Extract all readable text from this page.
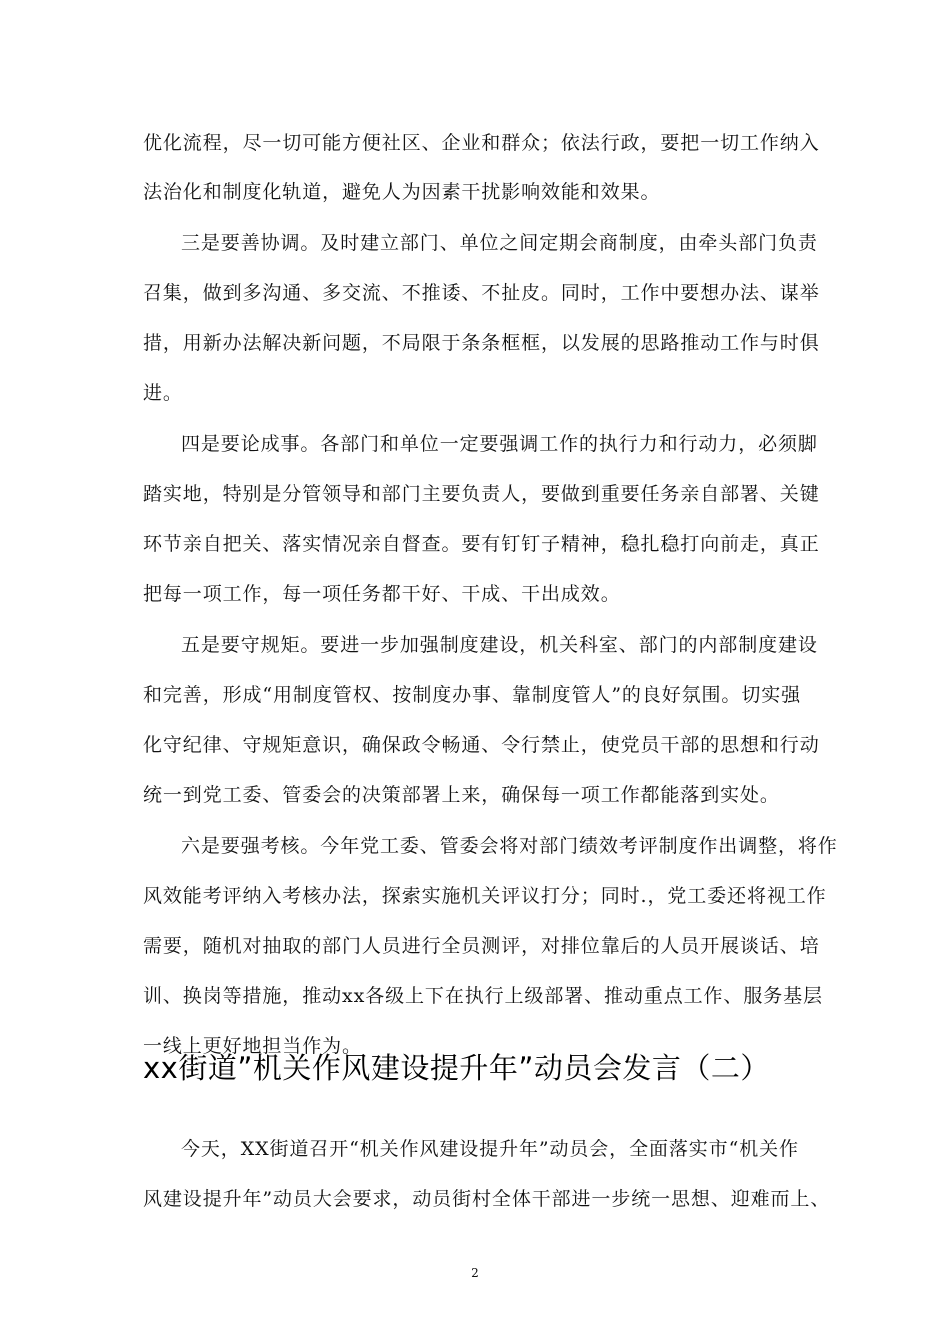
优化流程，尽一切可能方便社区、企业和群众；依法行政，要把一切工作纳入
法治化和制度化轨道，避免人为因素干扰影响效能和效果。
三是要善协调。及时建立部门、单位之间定期会商制度，由牵头部门负责
召集，做到多沟通、多交流、不推诿、不扯皮。同时，工作中要想办法、谋举
措，用新办法解决新问题，不局限于条条框框，以发展的思路推动工作与时俱
进。
四是要论成事。各部门和单位一定要强调工作的执行力和行动力，必须脚
踏实地，特别是分管领导和部门主要负责人，要做到重要任务亲自部署、关键
环节亲自把关、落实情况亲自督查。要有钉钉子精神，稳扎稳打向前走，真正
把每一项工作，每一项任务都干好、干成、干出成效。
五是要守规矩。要进一步加强制度建设，机关科室、部门的内部制度建设
和完善，形成“用制度管权、按制度办事、靠制度管人”的良好氛围。切实强
化守纪律、守规矩意识，确保政令畅通、令行禁止，使党员干部的思想和行动
统一到党工委、管委会的决策部署上来，确保每一项工作都能落到实处。
六是要强考核。今年党工委、管委会将对部门绩效考评制度作出调整，将作
风效能考评纳入考核办法，探索实施机关评议打分；同时.，党工委还将视工作
需要，随机对抽取的部门人员进行全员测评，对排位靠后的人员开展谈话、培
训、换岗等措施，推动xx各级上下在执行上级部署、推动重点工作、服务基层
一线上更好地担当作为。
xx街道”机关作风建设提升年”动员会发言（二）
今天，XX街道召开“机关作风建设提升年”动员会，全面落实市“机关作
风建设提升年”动员大会要求，动员街村全体干部进一步统一思想、迎难而上、
2
